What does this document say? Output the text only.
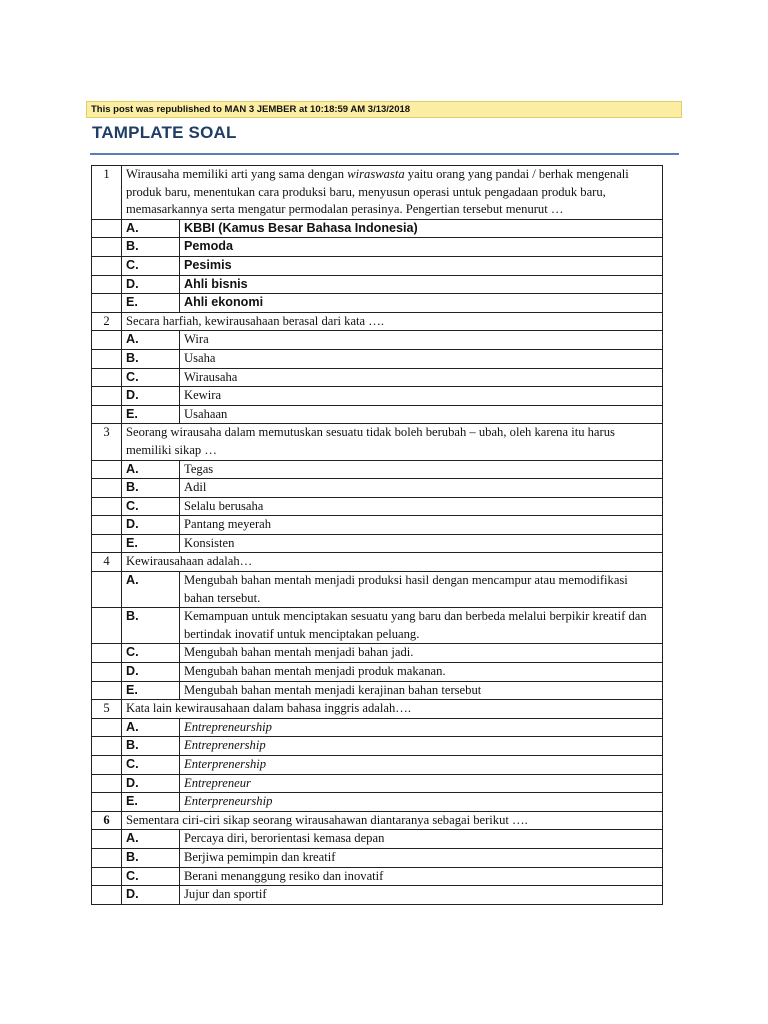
This post was republished to MAN 3 JEMBER at 10:18:59 AM 3/13/2018
TAMPLATE SOAL
1	Wirausaha memiliki arti yang sama dengan wiraswasta yaitu orang yang pandai / berhak mengenali produk baru, menentukan cara produksi baru, menyusun operasi untuk pengadaan produk baru, memasarkannya serta mengatur permodalan perasinya. Pengertian tersebut menurut …	
	A.	KBBI (Kamus Besar Bahasa Indonesia)
	B.	Pemoda
	C.	Pesimis
	D.	Ahli bisnis
	E.	Ahli ekonomi
2	Secara harfiah, kewirausahaan berasal dari kata ….	
	A.	Wira
	B.	Usaha
	C.	Wirausaha
	D.	Kewira
	E.	Usahaan
3	Seorang wirausaha dalam memutuskan sesuatu tidak boleh berubah – ubah, oleh karena itu harus memiliki sikap …	
	A.	Tegas
	B.	Adil
	C.	Selalu berusaha
	D.	Pantang meyerah
	E.	Konsisten
4	Kewirausahaan adalah…	
	A.	Mengubah bahan mentah menjadi produksi hasil dengan mencampur atau memodifikasi bahan tersebut.
	B.	Kemampuan untuk menciptakan sesuatu yang baru dan berbeda melalui berpikir kreatif dan bertindak inovatif untuk menciptakan peluang.
	C.	Mengubah bahan mentah menjadi bahan jadi.
	D.	Mengubah bahan mentah menjadi produk makanan.
	E.	Mengubah bahan mentah menjadi kerajinan bahan tersebut
5	Kata lain kewirausahaan dalam bahasa inggris adalah….	
	A.	Entrepreneurship
	B.	Entreprenership
	C.	Enterprenership
	D.	Entrepreneur
	E.	Enterpreneurship
6	Sementara ciri-ciri sikap seorang wirausahawan diantaranya sebagai berikut ….	
	A.	Percaya diri, berorientasi kemasa depan
	B.	Berjiwa pemimpin dan kreatif
	C.	Berani menanggung resiko dan inovatif
	D.	Jujur dan sportif
